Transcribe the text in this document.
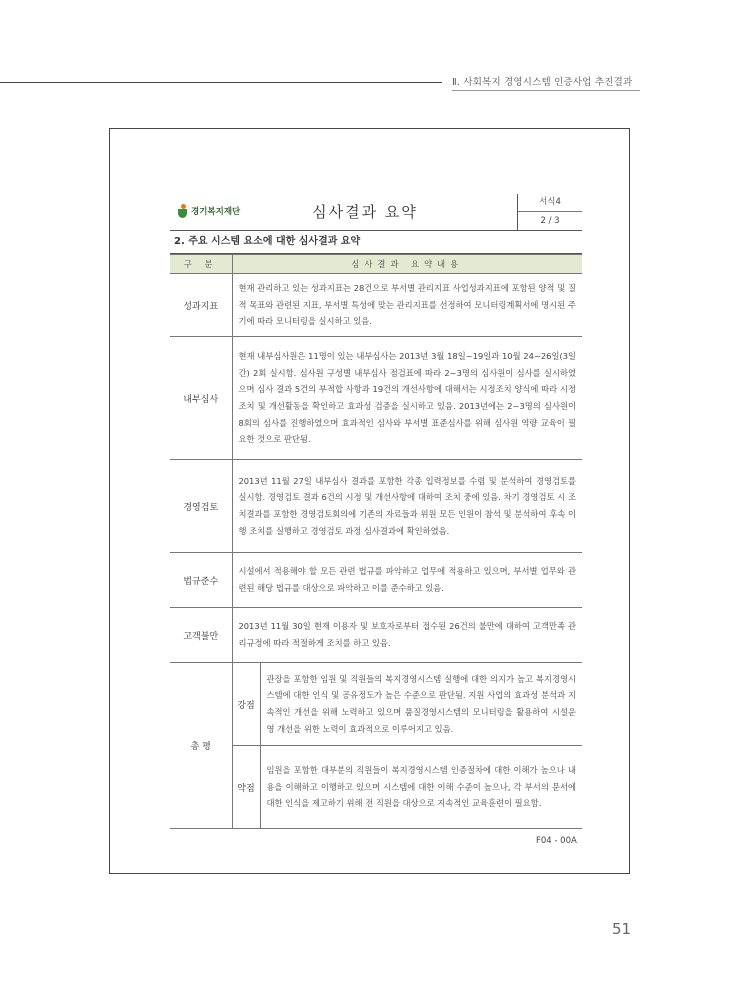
Ⅱ. 사회복지 경영시스템 인증사업 추진결과
경기복지재단	심사결과 요약
서식4
2 / 3
2. 주요 시스템 요소에 대한 심사결과 요약
구 분	심사결과 요약내용	
성과지표	현재 관리하고 있는 성과지표는 28건으로 부서별 관리지표 사업성과지표에 포함된 양적 및 질적 목표와 관련된 지표, 부서별 특성에 맞는 관리지표를 선정하여 모니터링계획서에 명시된 주기에 따라 모니터링을 실시하고 있음.	
내부심사	현재 내부심사원은 11명이 있는 내부심사는 2013년 3월 18일~19일과 10월 24~26일(3일간) 2회 실시함. 심사원 구성별 내부심사 점검표에 따라 2~3명의 심사원이 심사를 실시하였으며 심사 결과 5건의 부적합 사항과 19건의 개선사항에 대해서는 시정조치 양식에 따라 시정조치 및 개선활동을 확인하고 효과성 검증을 실시하고 있음. 2013년에는 2~3명의 심사원이 8회의 심사를 진행하였으며 효과적인 심사와 부서별 표준심사를 위해 심사원 역량 교육이 필요한 것으로 판단됨.	
경영검토	2013년 11월 27일 내부심사 결과를 포함한 각종 입력정보를 수렴 및 분석하여 경영검토를 실시함. 경영검토 결과 6건의 시정 및 개선사항에 대하여 조치 중에 있음. 차기 경영검토 시 조치결과를 포함한 경영검토회의에 기존의 자료들과 위원 모든 인원이 참석 및 분석하여 후속 이행 조치를 실행하고 경영검토 과정 심사결과에 확인하였음.	
법규준수	시설에서 적용해야 할 모든 관련 법규를 파악하고 업무에 적용하고 있으며, 부서별 업무와 관련된 해당 법규를 대상으로 파악하고 이를 준수하고 있음.	
고객불만	2013년 11월 30일 현재 이용자 및 보호자로부터 접수된 26건의 불만에 대하여 고객만족 관리규정에 따라 적절하게 조치를 하고 있음.	
총 평	강점	관장을 포함한 임원 및 직원들의 복지경영시스템 실행에 대한 의지가 높고 복지경영시스템에 대한 인식 및 공유정도가 높은 수준으로 판단됨. 지원 사업의 효과성 분석과 지속적인 개선을 위해 노력하고 있으며 품질경영시스템의 모니터링을 활용하여 시설운영 개선을 위한 노력이 효과적으로 이루어지고 있음.
	약점	임원을 포함한 대부분의 직원들이 복지경영시스템 인증절차에 대한 이해가 높으나 내용을 이해하고 이행하고 있으며 시스템에 대한 이해 수준이 높으나, 각 부서의 문서에 대한 인식을 제고하기 위해 전 직원을 대상으로 지속적인 교육훈련이 필요함.
F04 - 00A
51
